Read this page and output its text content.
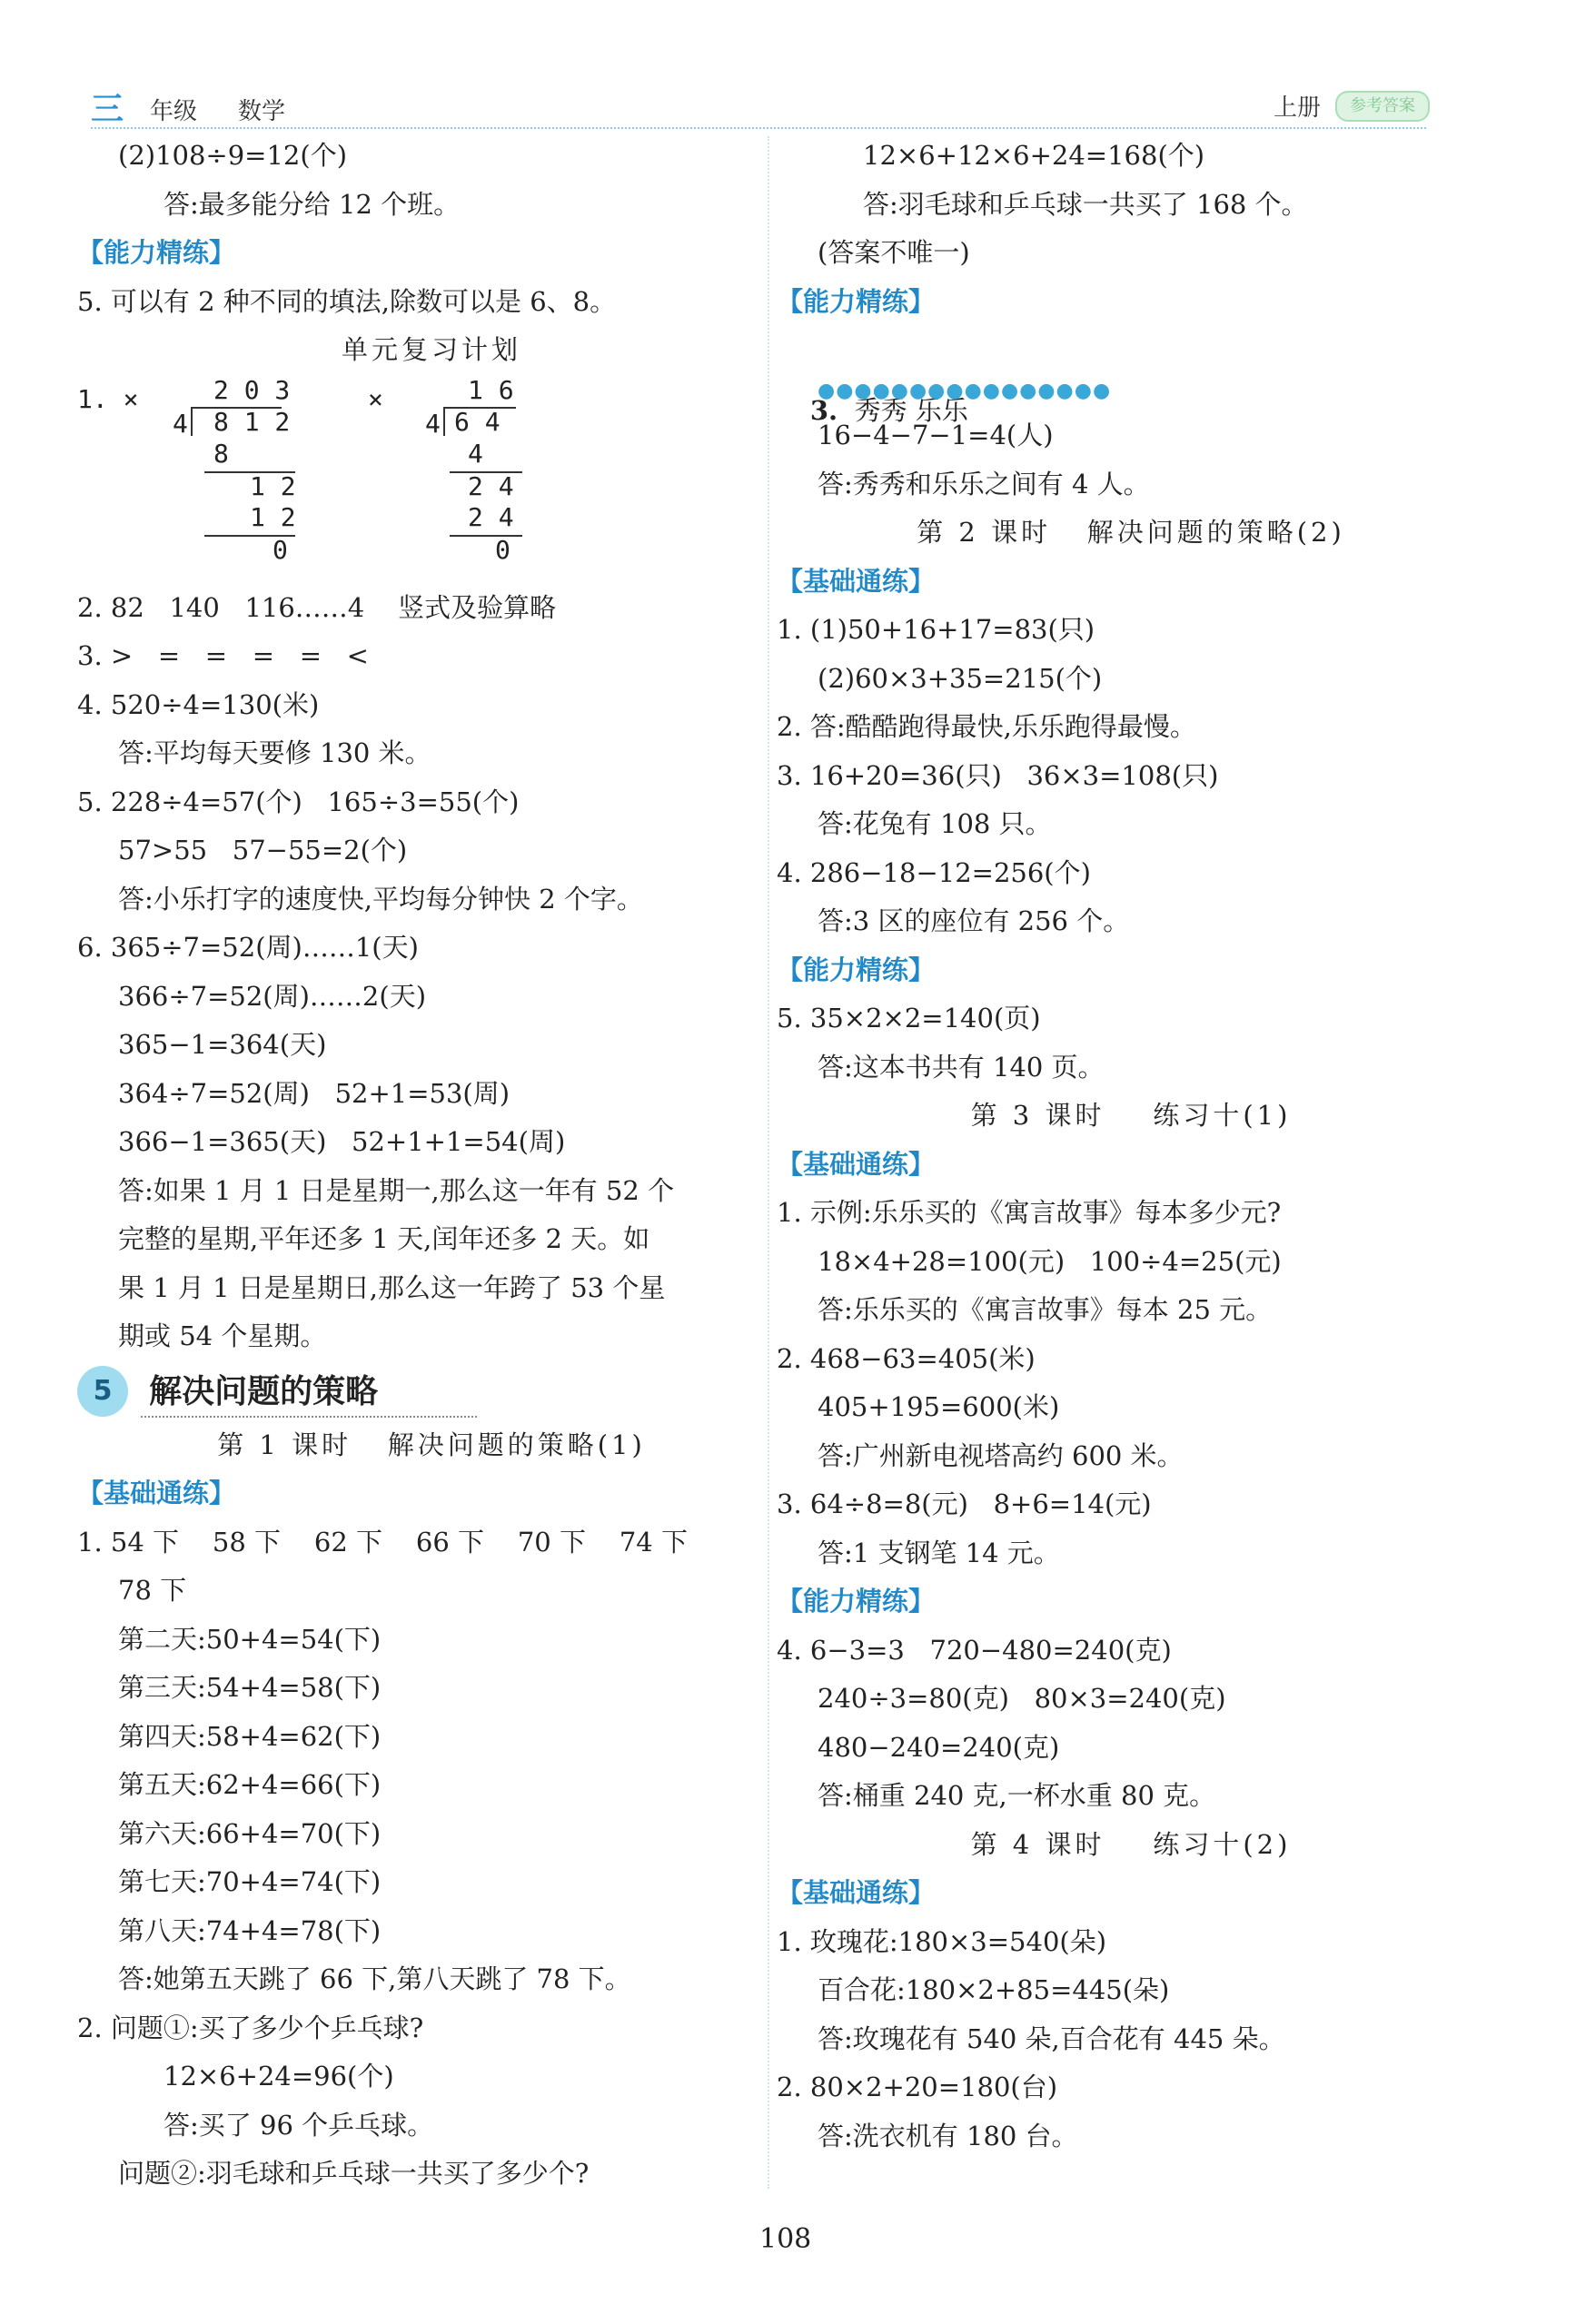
三 年级 数学	上册	参考答案
(2)108÷9=12(个)
答:最多能分给 12 个班。
【能力精练】
5. 可以有 2 种不同的填法,除数可以是 6、8。
单元复习计划
1. ×	2 0 3
4 8 1 2
8
1 2
1 2
0
×	1 6
4 6 4
4
2 4
2 4
0
2. 82   140   116……4    竖式及验算略
3. >   =   =   =   =   <
4. 520÷4=130(米)
答:平均每天要修 130 米。
5. 228÷4=57(个)   165÷3=55(个)
57>55   57−55=2(个)
答:小乐打字的速度快,平均每分钟快 2 个字。
6. 365÷7=52(周)……1(天)
366÷7=52(周)……2(天)
365−1=364(天)
364÷7=52(周)   52+1=53(周)
366−1=365(天)   52+1+1=54(周)
答:如果 1 月 1 日是星期一,那么这一年有 52 个
完整的星期,平年还多 1 天,闰年还多 2 天。如
果 1 月 1 日是星期日,那么这一年跨了 53 个星
期或 54 个星期。
5 解决问题的策略
第 1 课时   解决问题的策略(1)
【基础通练】
1. 54 下    58 下    62 下    66 下    70 下    74 下
78 下
第二天:50+4=54(下)
第三天:54+4=58(下)
第四天:58+4=62(下)
第五天:62+4=66(下)
第六天:66+4=70(下)
第七天:70+4=74(下)
第八天:74+4=78(下)
答:她第五天跳了 66 下,第八天跳了 78 下。
2. 问题①:买了多少个乒乓球?
12×6+24=96(个)
答:买了 96 个乒乓球。
问题②:羽毛球和乒乓球一共买了多少个?
12×6+12×6+24=168(个)
答:羽毛球和乒乓球一共买了 168 个。
(答案不唯一)
【能力精练】

3. 秀秀 乐乐

●●●●●●●●●●●●●●●●
16−4−7−1=4(人)
答:秀秀和乐乐之间有 4 人。
第 2 课时   解决问题的策略(2)
【基础通练】
1. (1)50+16+17=83(只)
(2)60×3+35=215(个)
2. 答:酷酷跑得最快,乐乐跑得最慢。
3. 16+20=36(只)   36×3=108(只)
答:花兔有 108 只。
4. 286−18−12=256(个)
答:3 区的座位有 256 个。
【能力精练】
5. 35×2×2=140(页)
答:这本书共有 140 页。
第 3 课时    练习十(1)
【基础通练】
1. 示例:乐乐买的《寓言故事》每本多少元?
18×4+28=100(元)   100÷4=25(元)
答:乐乐买的《寓言故事》每本 25 元。
2. 468−63=405(米)
405+195=600(米)
答:广州新电视塔高约 600 米。
3. 64÷8=8(元)   8+6=14(元)
答:1 支钢笔 14 元。
【能力精练】
4. 6−3=3   720−480=240(克)
240÷3=80(克)   80×3=240(克)
480−240=240(克)
答:桶重 240 克,一杯水重 80 克。
第 4 课时    练习十(2)
【基础通练】
1. 玫瑰花:180×3=540(朵)
百合花:180×2+85=445(朵)
答:玫瑰花有 540 朵,百合花有 445 朵。
2. 80×2+20=180(台)
答:洗衣机有 180 台。
108
